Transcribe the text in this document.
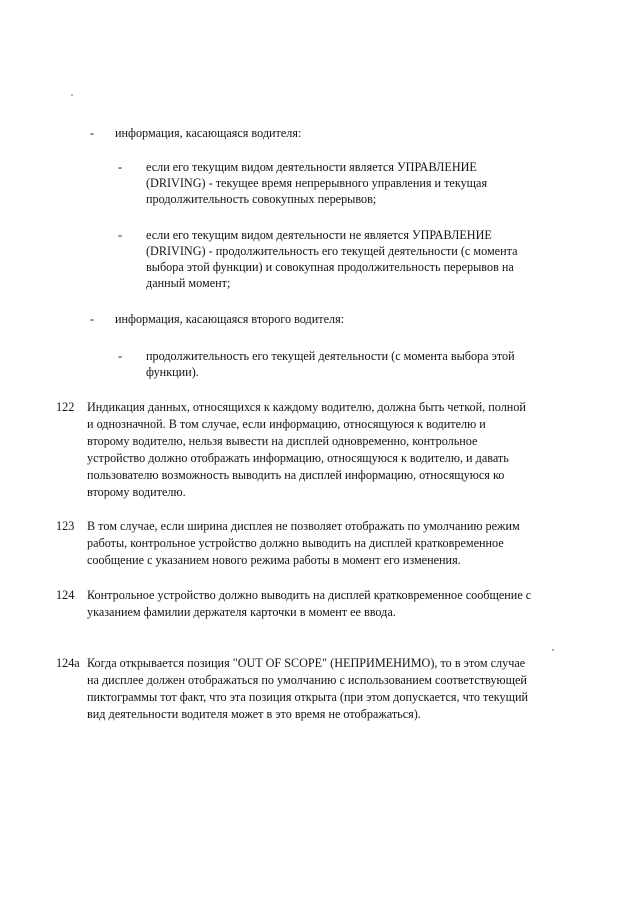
- информация, касающаяся водителя:
- если его текущим видом деятельности является УПРАВЛЕНИЕ
(DRIVING) - текущее время непрерывного управления и текущая
продолжительность совокупных перерывов;
- если его текущим видом деятельности не является УПРАВЛЕНИЕ
(DRIVING) - продолжительность его текущей деятельности (с момента
выбора этой функции) и совокупная продолжительность перерывов на
данный момент;
- информация, касающаяся второго водителя:
- продолжительность его текущей деятельности (с момента выбора этой
функции).
122 Индикация данных, относящихся к каждому водителю, должна быть четкой, полной
и однозначной. В том случае, если информацию, относящуюся к водителю и
второму водителю, нельзя вывести на дисплей одновременно, контрольное
устройство должно отображать информацию, относящуюся к водителю, и давать
пользователю возможность выводить на дисплей информацию, относящуюся ко
второму водителю.
123 В том случае, если ширина дисплея не позволяет отображать по умолчанию режим
работы, контрольное устройство должно выводить на дисплей кратковременное
сообщение с указанием нового режима работы в момент его изменения.
124 Контрольное устройство должно выводить на дисплей кратковременное сообщение с
указанием фамилии держателя карточки в момент ее ввода.
124a Когда открывается позиция "OUT OF SCOPE" (НЕПРИМЕНИМО), то в этом случае
на дисплее должен отображаться по умолчанию с использованием соответствующей
пиктограммы тот факт, что эта позиция открыта (при этом допускается, что текущий
вид деятельности водителя может в это время не отображаться).
